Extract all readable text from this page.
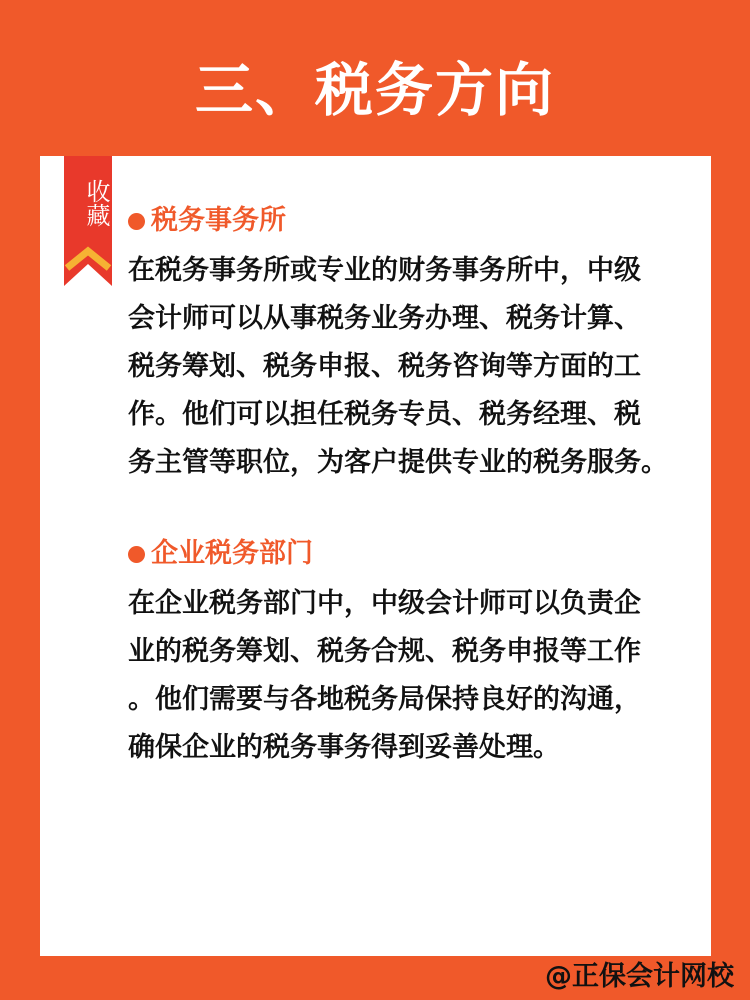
三、税务方向
收藏 税务事务所
在税务事务所或专业的财务事务所中，中级
会计师可以从事税务业务办理、税务计算、
税务筹划、税务申报、税务咨询等方面的工
作。他们可以担任税务专员、税务经理、税
务主管等职位，为客户提供专业的税务服务。
企业税务部门
在企业税务部门中，中级会计师可以负责企
业的税务筹划、税务合规、税务申报等工作
。他们需要与各地税务局保持良好的沟通，
确保企业的税务事务得到妥善处理。
@正保会计网校
